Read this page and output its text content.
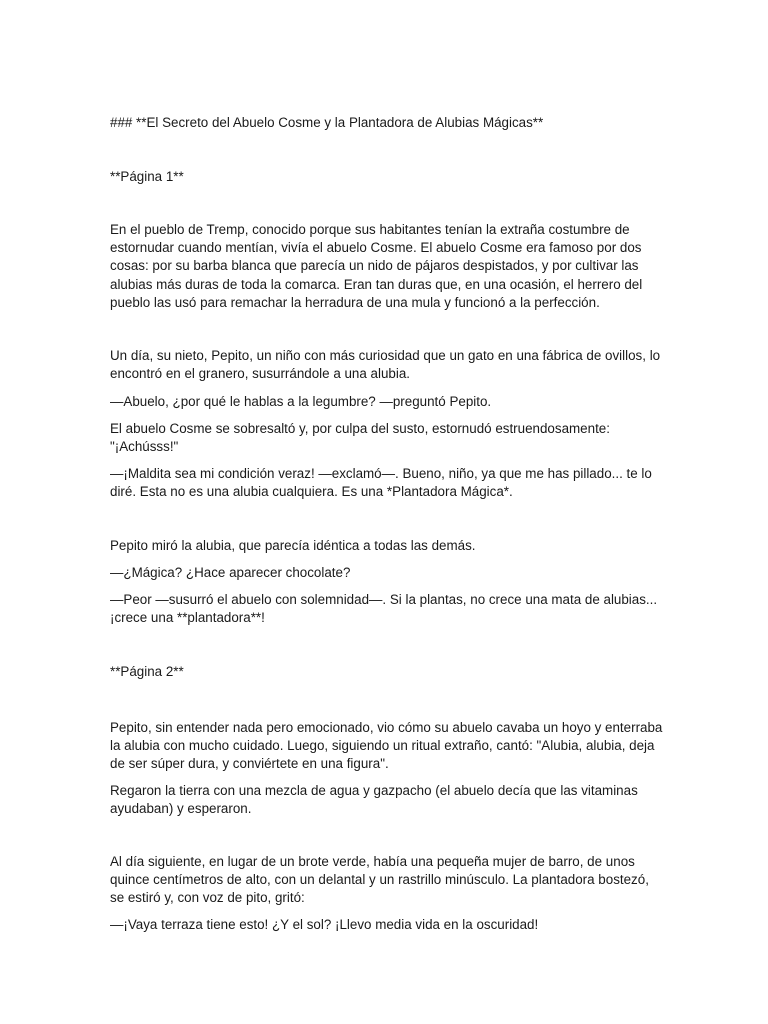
### **El Secreto del Abuelo Cosme y la Plantadora de Alubias Mágicas**

**Página 1**

En el pueblo de Tremp, conocido porque sus habitantes tenían la extraña costumbre de estornudar cuando mentían, vivía el abuelo Cosme. El abuelo Cosme era famoso por dos cosas: por su barba blanca que parecía un nido de pájaros despistados, y por cultivar las alubias más duras de toda la comarca. Eran tan duras que, en una ocasión, el herrero del pueblo las usó para remachar la herradura de una mula y funcionó a la perfección.

Un día, su nieto, Pepito, un niño con más curiosidad que un gato en una fábrica de ovillos, lo encontró en el granero, susurrándole a una alubia.

—Abuelo, ¿por qué le hablas a la legumbre? —preguntó Pepito.

El abuelo Cosme se sobresaltó y, por culpa del susto, estornudó estruendosamente: "¡Achússs!"

—¡Maldita sea mi condición veraz! —exclamó—. Bueno, niño, ya que me has pillado... te lo diré. Esta no es una alubia cualquiera. Es una *Plantadora Mágica*.

Pepito miró la alubia, que parecía idéntica a todas las demás.

—¿Mágica? ¿Hace aparecer chocolate?

—Peor —susurró el abuelo con solemnidad—. Si la plantas, no crece una mata de alubias... ¡crece una **plantadora**!

**Página 2**

Pepito, sin entender nada pero emocionado, vio cómo su abuelo cavaba un hoyo y enterraba la alubia con mucho cuidado. Luego, siguiendo un ritual extraño, cantó: "Alubia, alubia, deja de ser súper dura, y conviértete en una figura".

Regaron la tierra con una mezcla de agua y gazpacho (el abuelo decía que las vitaminas ayudaban) y esperaron.

Al día siguiente, en lugar de un brote verde, había una pequeña mujer de barro, de unos quince centímetros de alto, con un delantal y un rastrillo minúsculo. La plantadora bostezó, se estiró y, con voz de pito, gritó:

—¡Vaya terraza tiene esto! ¿Y el sol? ¡Llevo media vida en la oscuridad!
